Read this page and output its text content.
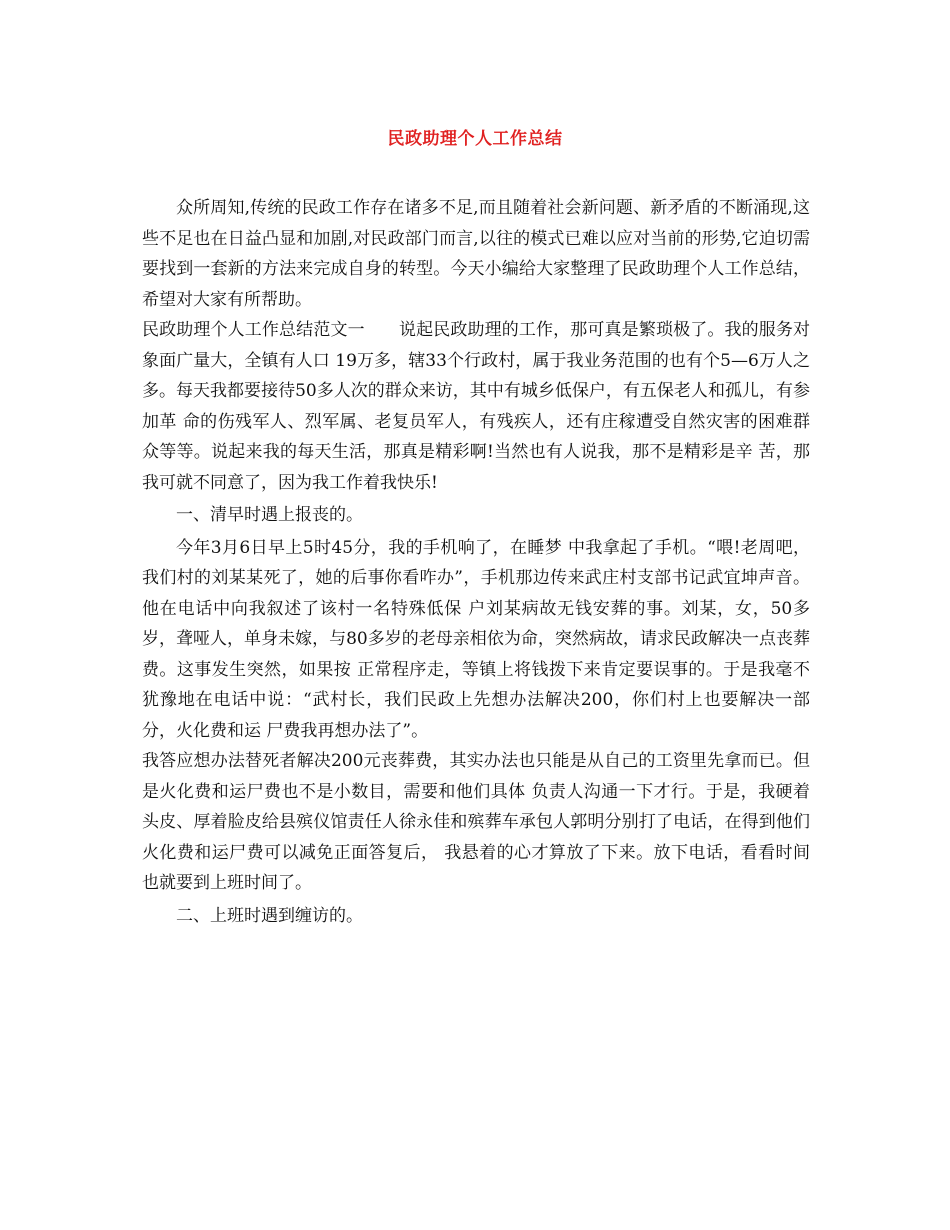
民政助理个人工作总结

众所周知,传统的民政工作存在诸多不足,而且随着社会新问题、新矛盾的不断涌现,这些不足也在日益凸显和加剧,对民政部门而言,以往的模式已难以应对当前的形势,它迫切需要找到一套新的方法来完成自身的转型。今天小编给大家整理了民政助理个人工作总结，希望对大家有所帮助。

民政助理个人工作总结范文一　　说起民政助理的工作，那可真是繁琐极了。我的服务对象面广量大，全镇有人口 19万多，辖33个行政村，属于我业务范围的也有个5—6万人之多。每天我都要接待50多人次的群众来访，其中有城乡低保户，有五保老人和孤儿，有参加革 命的伤残军人、烈军属、老复员军人，有残疾人，还有庄稼遭受自然灾害的困难群众等等。说起来我的每天生活，那真是精彩啊!当然也有人说我，那不是精彩是辛 苦，那我可就不同意了，因为我工作着我快乐!

一、清早时遇上报丧的。

今年3月6日早上5时45分，我的手机响了，在睡梦 中我拿起了手机。“喂!老周吧，我们村的刘某某死了，她的后事你看咋办”，手机那边传来武庄村支部书记武宜坤声音。他在电话中向我叙述了该村一名特殊低保 户刘某病故无钱安葬的事。刘某，女，50多岁，聋哑人，单身未嫁，与80多岁的老母亲相依为命，突然病故，请求民政解决一点丧葬费。这事发生突然，如果按 正常程序走，等镇上将钱拨下来肯定要误事的。于是我毫不犹豫地在电话中说：“武村长，我们民政上先想办法解决200，你们村上也要解决一部分，火化费和运 尸费我再想办法了”。

我答应想办法替死者解决200元丧葬费，其实办法也只能是从自己的工资里先拿而已。但是火化费和运尸费也不是小数目，需要和他们具体 负责人沟通一下才行。于是，我硬着头皮、厚着脸皮给县殡仪馆责任人徐永佳和殡葬车承包人郭明分别打了电话，在得到他们火化费和运尸费可以减免正面答复后， 我悬着的心才算放了下来。放下电话，看看时间也就要到上班时间了。

二、上班时遇到缠访的。
